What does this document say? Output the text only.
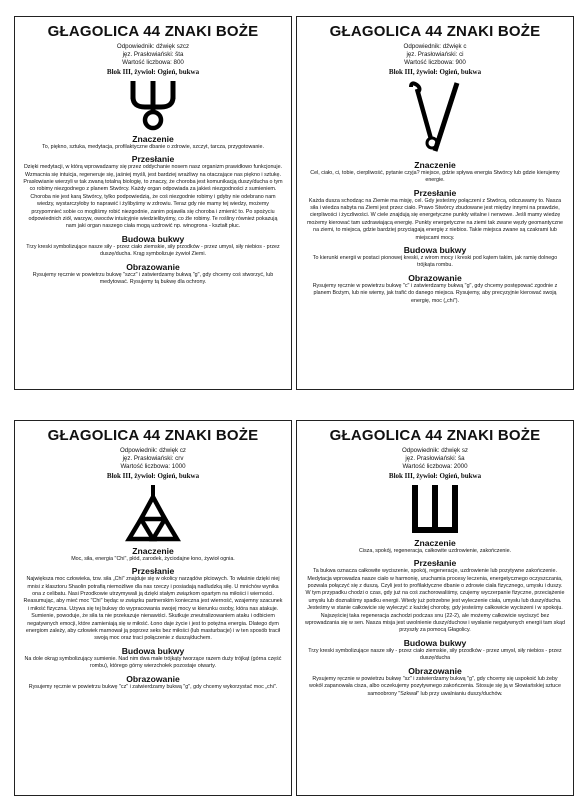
GŁAGOLICA 44 ZNAKI BOŻE
Odpowiednik: dźwięk szcz
jęz. Prasłowiański: šta
Wartość liczbowa: 800
Blok III, żywioł: Ogień, bukwa
Znaczenie
To, piękno, sztuka, medytacja, profilaktyczne dbanie o zdrowie, szczyt, tarcza, przygotowanie.
Przesłanie
Dzięki medytacji, w którą wprowadzamy się przez oddychanie nosem nasz organizm prawidłowo funkcjonuje. Wzmacnia się intuicja, regeneruje się, jaśniej myśli, jest bardziej wrażliwy na otaczające nas piękno i sztukę. Prasłowianie wierzyli w tak zwaną totalną biologię, to znaczy, że choroba jest komunikacją duszy/ducha o tym co robimy niezgodnego z planem Stwórcy. Każdy organ odpowiada za jakieś niezgodności z sumieniem. Choroba nie jest karą Stwórcy, tylko podpowiedzią, że coś niezgodnie robimy i gdyby nie odebrano nam wiedzy, wystarczyłoby to naprawić i żylibyśmy w zdrowiu. Teraz gdy nie mamy tej wiedzy, możemy przypomnieć sobie co mogliśmy robić niezgodnie, zanim pojawiła się choroba i zmienić to. Po spożyciu odpowiednich ziół, warzyw, owoców intuicyjnie wiedzielibyśmy, co źle robimy. Te rośliny również pokazują nam jaki organ naszego ciała mogą uzdrowić np. winogrona - kształt płuc.
Budowa bukwy
Trzy kreski symbolizujące nasze siły - przez ciało ziemskie, siły przodków - przez umysł, siły niebios - przez duszę/ducha. Krąg symbolizuje żywioł Ziemi.
Obrazowanie
Rysujemy ręcznie w powietrzu bukwę "szcz" i zatwierdzamy bukwą "g", gdy chcemy coś stworzyć, lub medytować. Rysujemy tą bukwę dla ochrony.
GŁAGOLICA 44 ZNAKI BOŻE
Odpowiednik: dźwięk c
jęz. Prasłowiański: ci
Wartość liczbowa: 900
Blok III, żywioł: Ogień, bukwa
Znaczenie
Cel, ciało, ci, tobie, cierpliwość, pytanie czyja? miejsce, gdzie spływa energia Stwórcy lub gdzie kierujemy energie.
Przesłanie
Każda dusza schodząc na Ziemie ma misję, cel. Gdy jesteśmy połączeni z Stwórcą, odczuwamy to. Nasza siła i wiedza nabyta na Ziemi jest przez ciało. Prawo Stwórcy zbudowane jest między innymi na prawdzie, cierpliwości i życzliwości. W ciele znajdują się energetyczne punkty witalne i nerwowe. Jeśli mamy wiedzę możemy kierować tam uzdrawiającą energię. Punkty energetyczne na ziemi tak zwane węzły geomantyczne na ziemi, to miejsca, gdzie bardziej przyciągają energię z niebios. Takie miejsca zwane są czakrami lub miejscami mocy.
Budowa bukwy
To kierunki energii w postaci pionowej kreski, z wirom mocy i kreski pod kątem takim, jak ramię dolnego trójkąta rombu.
Obrazowanie
Rysujemy ręcznie w powietrzu bukwę "c" i zatwierdzamy bukwą "g", gdy chcemy postępować zgodnie z planem Bożym, lub nie wiemy, jak trafić do danego miejsca. Rysujemy, aby precyzyjnie kierować swoją energię, moc („chi").
GŁAGOLICA 44 ZNAKI BOŻE
Odpowiednik: dźwięk cz
jęz. Prasłowiański: crv
Wartość liczbowa: 1000
Blok III, żywioł: Ogień, bukwa
Znaczenie
Moc, siła, energia "Chi", płód, zarodek, życiodajne łono, żywioł ognia.
Przesłanie
Największa moc człowieka, tzw. siła „Chi" znajduje się w okolicy narządów płciowych. To właśnie dzięki niej mnisi z klasztoru Shaolin potrafią niemożliwe dla nas rzeczy i posiadają nadludzką siłę. U mnichów wynika ona z celibatu. Nasi Przodkowie utrzymywali ją dzięki stałym związkom opartym na miłości i wierności. Reasumując, aby mieć moc "Chi" będąc w związku partnerskim konieczna jest wierność, wzajemny szacunek i miłość fizyczna. Używa się tej bukwy do wypracowania swojej mocy w kierunku osoby, która nas atakuje. Sumienie, powoduje, że siła ta nie przekazuje nienawiści. Skutkuje zneutralizowaniem ataku i odbiciem negatywnych emocji, które zamieniają się w miłość. Łono daje życie i jest to potężna energia. Dlatego dym energiom zależy, aby człowiek marnował ją poprzez seks bez miłości (lub masturbacje) i w ten sposób tracił swoją moc oraz traci połączenie z duszą/duchem.
Budowa bukwy
Na dole okrąg symbolizujący sumienie. Nad nim dwa małe trójkąty tworzące razem duży trójkąt (górna część rombu), którego górny wierzchołek pozostaje otwarty.
Obrazowanie
Rysujemy ręcznie w powietrzu bukwę "cz" i zatwierdzamy bukwą "g", gdy chcemy wykorzystać moc „chi".
GŁAGOLICA 44 ZNAKI BOŻE
Odpowiednik: dźwięk sz
jęz. Prasłowiański: ša
Wartość liczbowa: 2000
Blok III, żywioł: Ogień, bukwa
Znaczenie
Cisza, spokój, regeneracja, całkowite uzdrowienie, zakończenie.
Przesłanie
Ta bukwa oznacza całkowite wyciszenie, spokój, regeneracje, uzdrowienie lub pozytywne zakończenie. Medytacja wprowadza nasze ciało w harmonię, uruchamia procesy leczenia, energetycznego oczyszczania, pozwala połączyć się z duszą. Czyli jest to profilaktyczne dbanie o zdrowie ciała fizycznego, umysłu i duszy. W tym przypadku chodzi o czas, gdy już na coś zachorowaliśmy, czujemy wyczerpanie fizyczne, przeciążenie umysłu lub doznaliśmy spadku energii. Wtedy już potrzebne jest wyleczenie ciała, umysłu lub duszy/ducha. Jesteśmy w stanie całkowicie się wyleczyć z każdej choroby, gdy jesteśmy całkowicie wyciszeni i w spokoju. Najszęściej taka regeneracja zachodzi podczas snu (22-2), ale możemy całkowicie wyciszyć bez wprowadzania się w sen. Nasza misja jest uwolnienie duszy/duchow i wysłanie negatywnych energii tam skąd przyszły za pomocą Głagolicy.
Budowa bukwy
Trzy kreski symbolizujące nasze siły - przez ciało ziemskie, siły przodków - przez umysł, siły niebios - przez duszę/ducha
Obrazowanie
Rysujemy ręcznie w powietrzu bukwę "sz" i zatwierdzamy bukwą "g", gdy chcemy się uspokoić lub żeby wokół zapanowała cisza, albo oczekujemy pozytywnego zakończenia. Stosuje się ją w Słowiańskiej sztuce samoobrony "Szkwał" lub przy uwalnianiu duszy/duchów.
